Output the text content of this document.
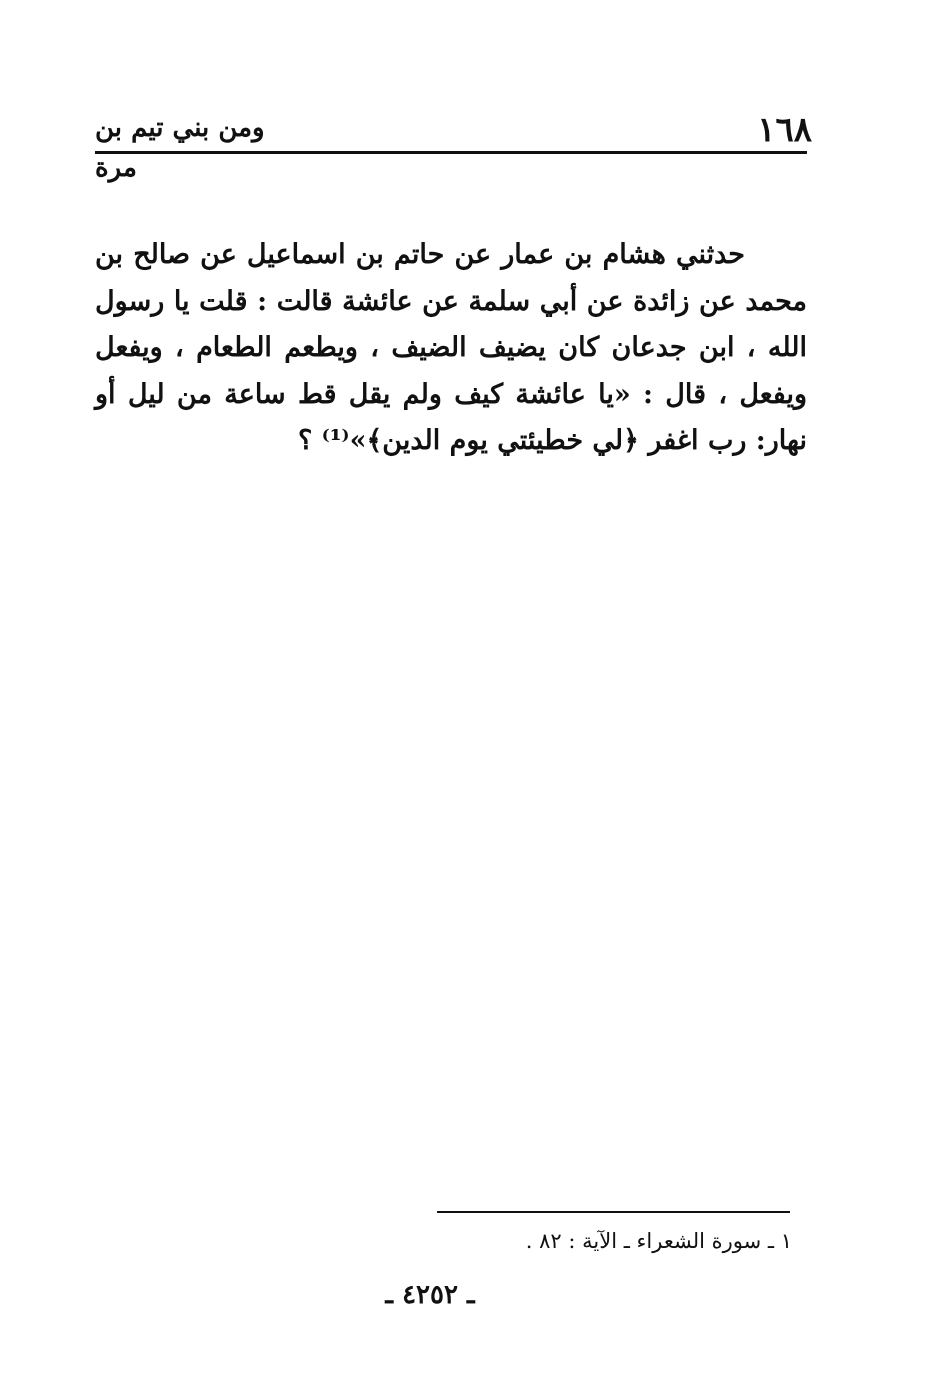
١٦٨
ومن بني تيم بن مرة

حدثني هشام بن عمار عن حاتم بن اسماعيل عن صالح بن محمد عن زائدة عن أبي سلمة عن عائشة قالت : قلت يا رسول الله ، ابن جدعان كان يضيف الضيف ، ويطعم الطعام ، ويفعل ويفعل ، قال : «يا عائشة كيف ولم يقل قط ساعة من ليل أو نهار: رب اغفر ﴿لي خطيئتي يوم الدين﴾»⁽¹⁾ ؟

١ ـ سورة الشعراء ـ الآية : ٨٢ .
ـ ٤٢٥٢ ـ
